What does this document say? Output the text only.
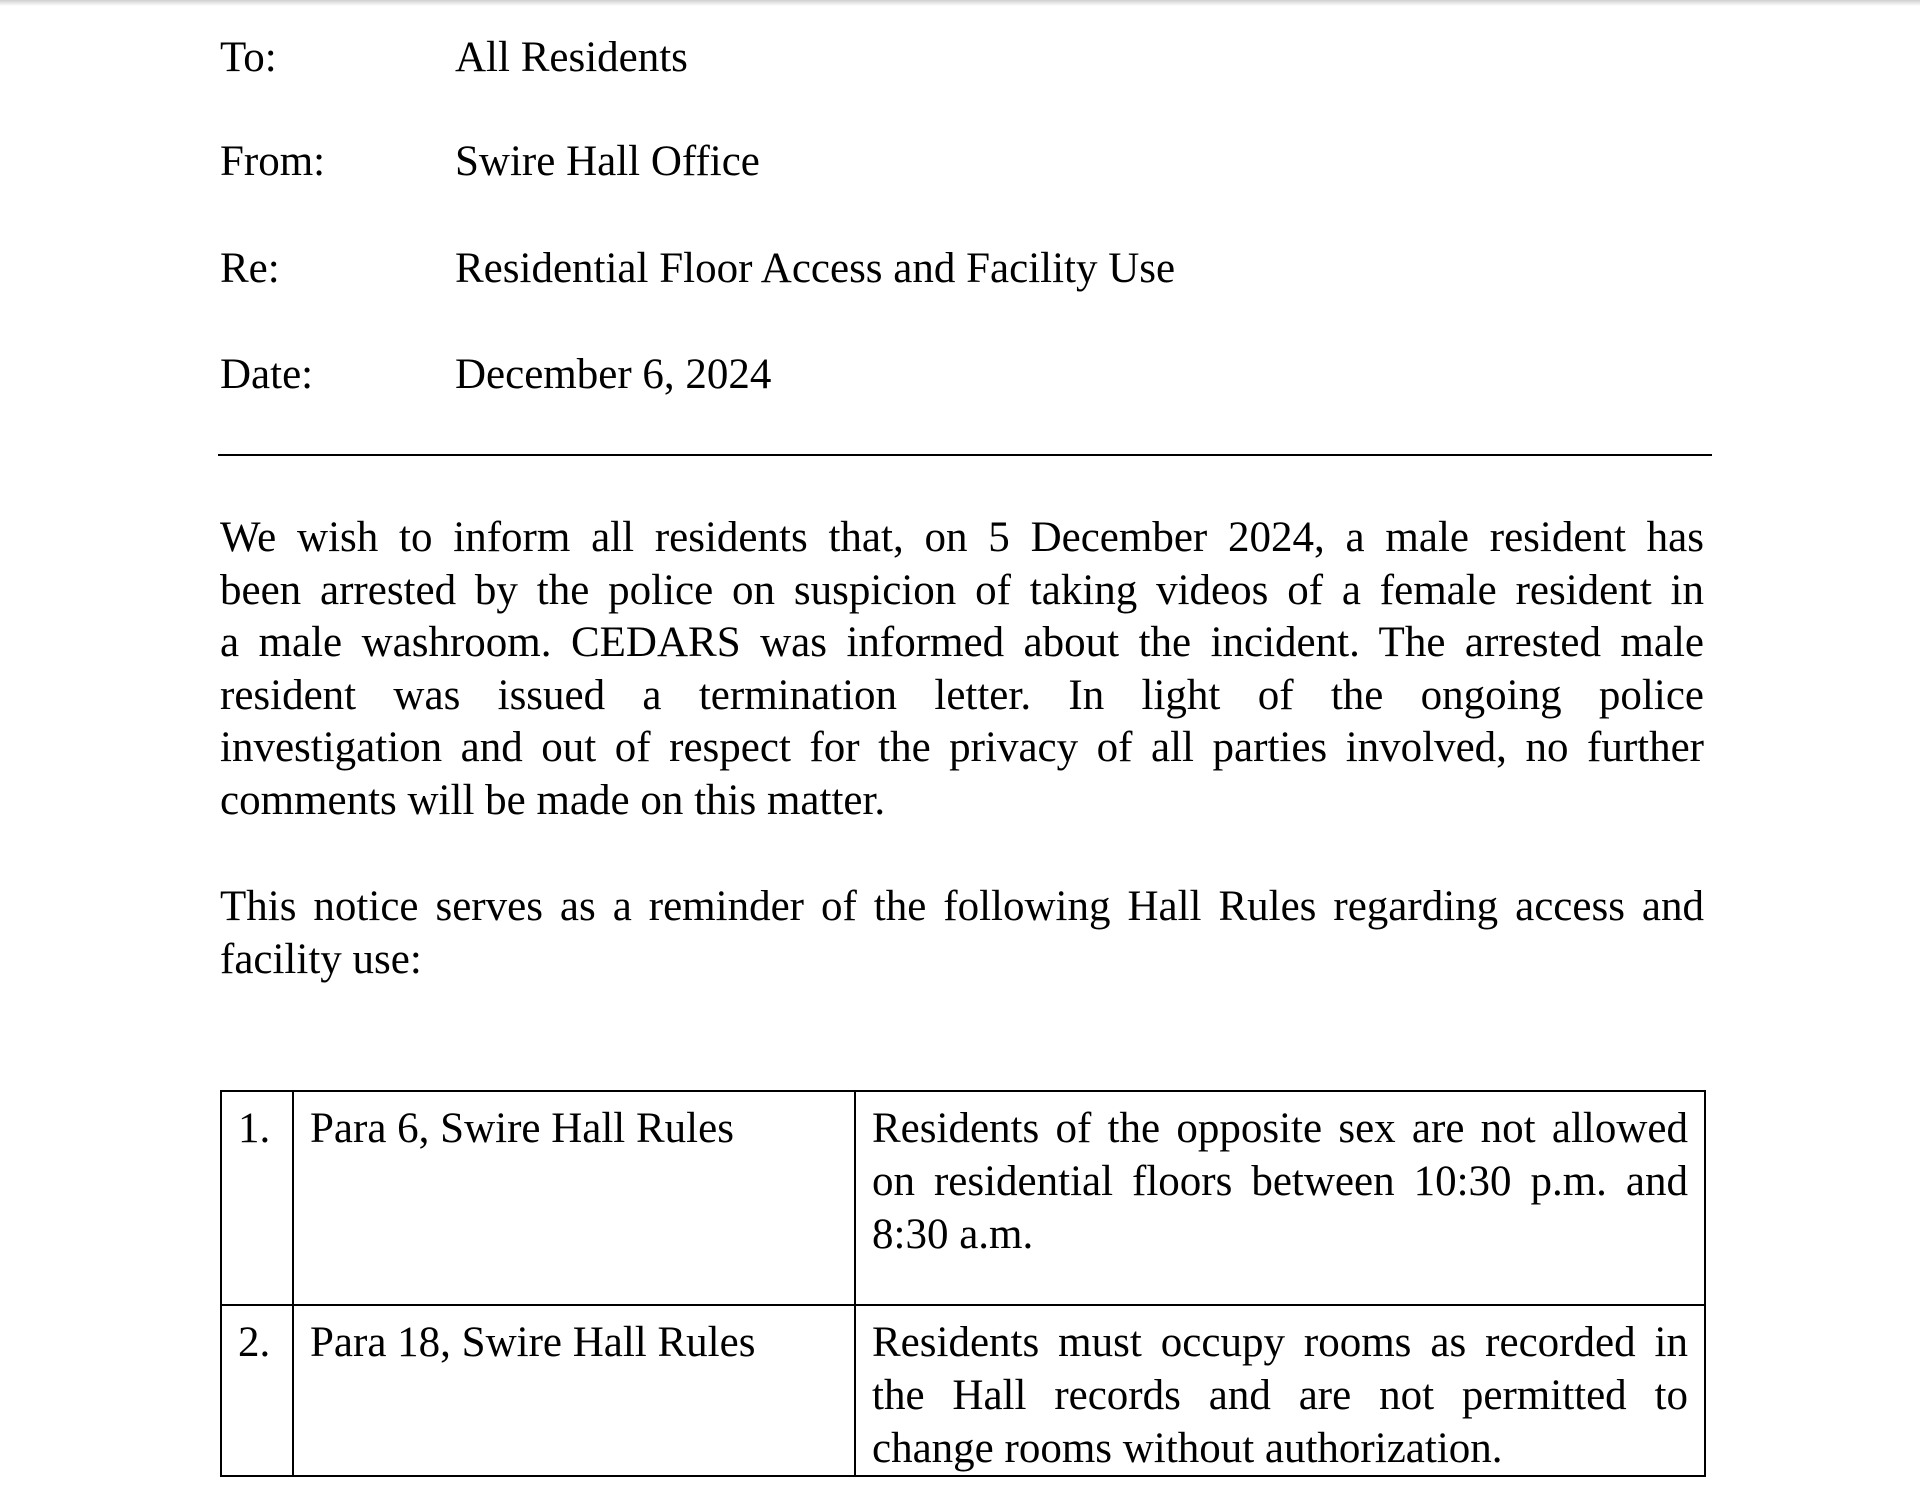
To:	All Residents
From:	Swire Hall Office
Re:	Residential Floor Access and Facility Use
Date:	December 6, 2024
We wish to inform all residents that, on 5 December 2024, a male resident has
been arrested by the police on suspicion of taking videos of a female resident in
a male washroom. CEDARS was informed about the incident. The arrested male
resident was issued a termination letter. In light of the ongoing police
investigation and out of respect for the privacy of all parties involved, no further
comments will be made on this matter.
This notice serves as a reminder of the following Hall Rules regarding access and
facility use:
1.	Para 6, Swire Hall Rules	Residents of the opposite sex are not allowed
on residential floors between 10:30 p.m. and
8:30 a.m.

2.	Para 18, Swire Hall Rules	Residents must occupy rooms as recorded in
the Hall records and are not permitted to
change rooms without authorization.
